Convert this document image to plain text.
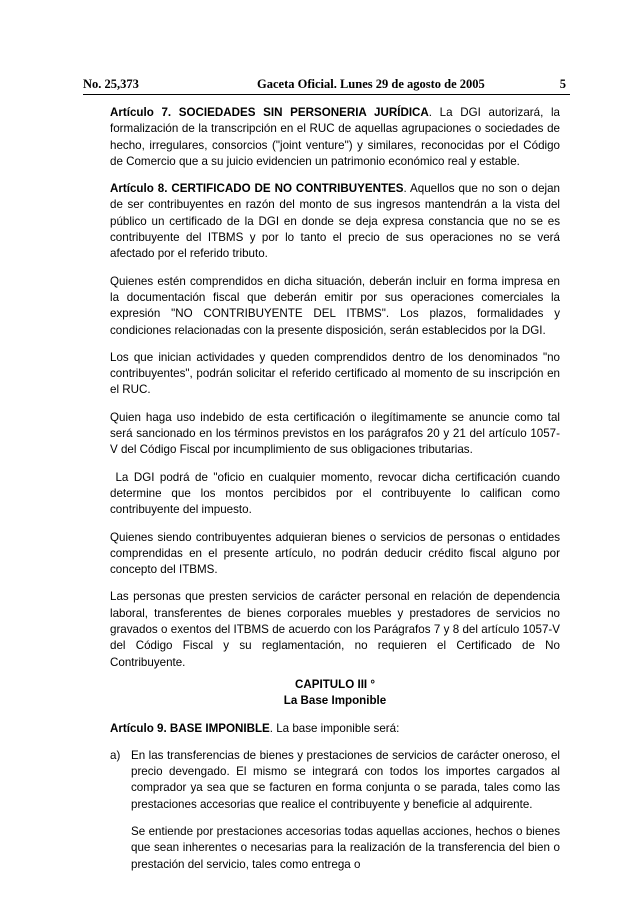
No. 25,373	Gaceta Oficial. Lunes 29 de agosto de 2005	5

Artículo 7. SOCIEDADES SIN PERSONERIA JURÍDICA. La DGI autorizará, la formalización de la transcripción en el RUC de aquellas agrupaciones o sociedades de hecho, irregulares, consorcios ("joint venture") y similares, reconocidas por el Código de Comercio que a su juicio evidencien un patrimonio económico real y estable.

Artículo 8. CERTIFICADO DE NO CONTRIBUYENTES. Aquellos que no son o dejan de ser contribuyentes en razón del monto de sus ingresos mantendrán a la vista del público un certificado de la DGI en donde se deja expresa constancia que no se es contribuyente del ITBMS y por lo tanto el precio de sus operaciones no se verá afectado por el referido tributo.

Quienes estén comprendidos en dicha situación, deberán incluir en forma impresa en la documentación fiscal que deberán emitir por sus operaciones comerciales la expresión "NO CONTRIBUYENTE DEL ITBMS". Los plazos, formalidades y condiciones relacionadas con la presente disposición, serán establecidos por la DGI.

Los que inician actividades y queden comprendidos dentro de los denominados "no contribuyentes", podrán solicitar el referido certificado al momento de su inscripción en el RUC.

Quien haga uso indebido de esta certificación o ilegítimamente se anuncie como tal será sancionado en los términos previstos en los parágrafos 20 y 21 del artículo 1057-V del Código Fiscal por incumplimiento de sus obligaciones tributarias.

La DGI podrá de "oficio en cualquier momento, revocar dicha certificación cuando determine que los montos percibidos por el contribuyente lo califican como contribuyente del impuesto.

Quienes siendo contribuyentes adquieran bienes o servicios de personas o entidades comprendidas en el presente artículo, no podrán deducir crédito fiscal alguno por concepto del ITBMS.

Las personas que presten servicios de carácter personal en relación de dependencia laboral, transferentes de bienes corporales muebles y prestadores de servicios no gravados o exentos del ITBMS de acuerdo con los Parágrafos 7 y 8 del artículo 1057-V del Código Fiscal y su reglamentación, no requieren el Certificado de No Contribuyente.

CAPITULO III °

La Base Imponible

Artículo 9. BASE IMPONIBLE. La base imponible será:

a) En las transferencias de bienes y prestaciones de servicios de carácter oneroso, el precio devengado. El mismo se integrará con todos los importes cargados al comprador ya sea que se facturen en forma conjunta o se parada, tales como las prestaciones accesorias que realice el contribuyente y beneficie al adquirente.

Se entiende por prestaciones accesorias todas aquellas acciones, hechos o bienes que sean inherentes o necesarias para la realización de la transferencia del bien o prestación del servicio, tales como entrega o
